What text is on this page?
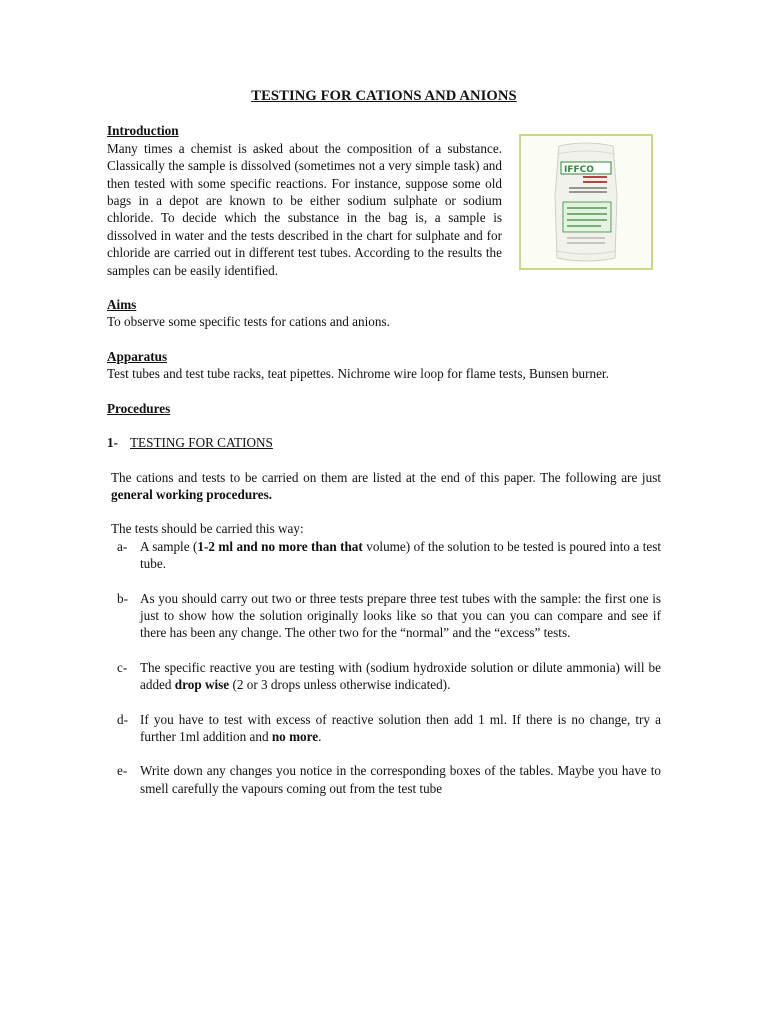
TESTING FOR CATIONS AND ANIONS
Introduction

Many times a chemist is asked about the composition of a substance. Classically the sample is dissolved (sometimes not a very simple task) and then tested with some specific reactions. For instance, suppose some old bags in a depot are known to be either sodium sulphate or sodium chloride. To decide which the substance in the bag is, a sample is dissolved in water and the tests described in the chart for sulphate and for chloride are carried out in different test tubes. According to the results the samples can be easily identified.

IFFCO
Aims

To observe some specific tests for cations and anions.

Apparatus

Test tubes and test tube racks, teat pipettes. Nichrome wire loop for flame tests, Bunsen burner.

Procedures
1- TESTING FOR CATIONS

The cations and tests to be carried on them are listed at the end of this paper. The following are just general working procedures.

The tests should be carried this way:

a- A sample (1-2 ml and no more than that volume) of the solution to be tested is poured into a test tube.
b- As you should carry out two or three tests prepare three test tubes with the sample: the first one is just to show how the solution originally looks like so that you can you can compare and see if there has been any change. The other two for the “normal” and the “excess” tests.
c- The specific reactive you are testing with (sodium hydroxide solution or dilute ammonia) will be added drop wise (2 or 3 drops unless otherwise indicated).
d- If you have to test with excess of reactive solution then add 1 ml. If there is no change, try a further 1ml addition and no more.
e- Write down any changes you notice in the corresponding boxes of the tables. Maybe you have to smell carefully the vapours coming out from the test tube
